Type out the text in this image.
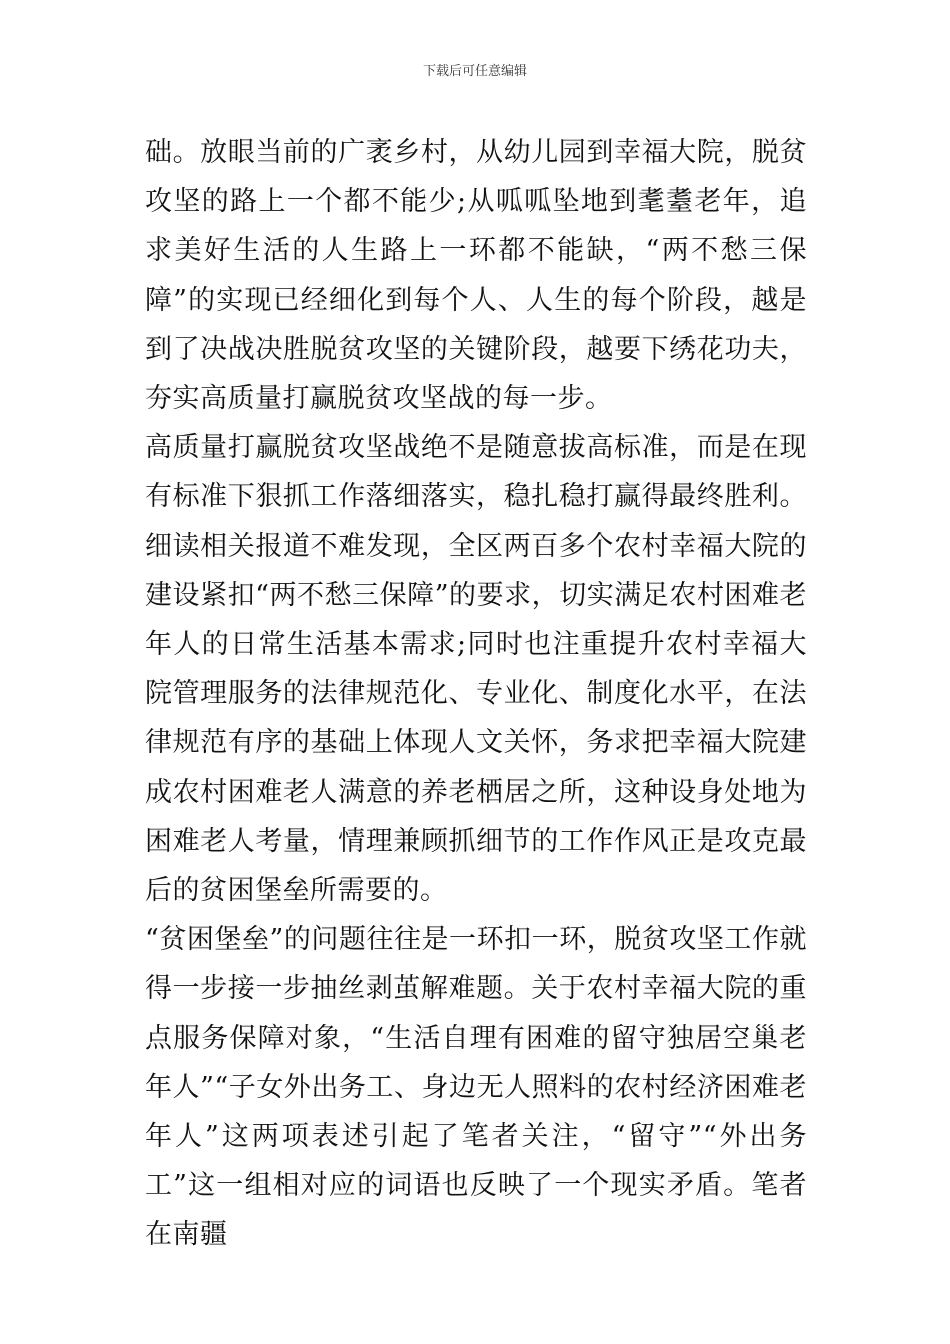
下载后可任意编辑

础。放眼当前的广袤乡村，从幼儿园到幸福大院，脱贫攻坚的路上一个都不能少;从呱呱坠地到耄耋老年，追求美好生活的人生路上一环都不能缺，“两不愁三保障”的实现已经细化到每个人、人生的每个阶段，越是到了决战决胜脱贫攻坚的关键阶段，越要下绣花功夫，夯实高质量打赢脱贫攻坚战的每一步。

高质量打赢脱贫攻坚战绝不是随意拔高标准，而是在现有标准下狠抓工作落细落实，稳扎稳打赢得最终胜利。细读相关报道不难发现，全区两百多个农村幸福大院的建设紧扣“两不愁三保障”的要求，切实满足农村困难老年人的日常生活基本需求;同时也注重提升农村幸福大院管理服务的法律规范化、专业化、制度化水平，在法律规范有序的基础上体现人文关怀，务求把幸福大院建成农村困难老人满意的养老栖居之所，这种设身处地为困难老人考量，情理兼顾抓细节的工作作风正是攻克最后的贫困堡垒所需要的。

“贫困堡垒”的问题往往是一环扣一环，脱贫攻坚工作就得一步接一步抽丝剥茧解难题。关于农村幸福大院的重点服务保障对象，“生活自理有困难的留守独居空巢老年人”“子女外出务工、身边无人照料的农村经济困难老年人”这两项表述引起了笔者关注，“留守”“外出务工”这一组相对应的词语也反映了一个现实矛盾。笔者在南疆
